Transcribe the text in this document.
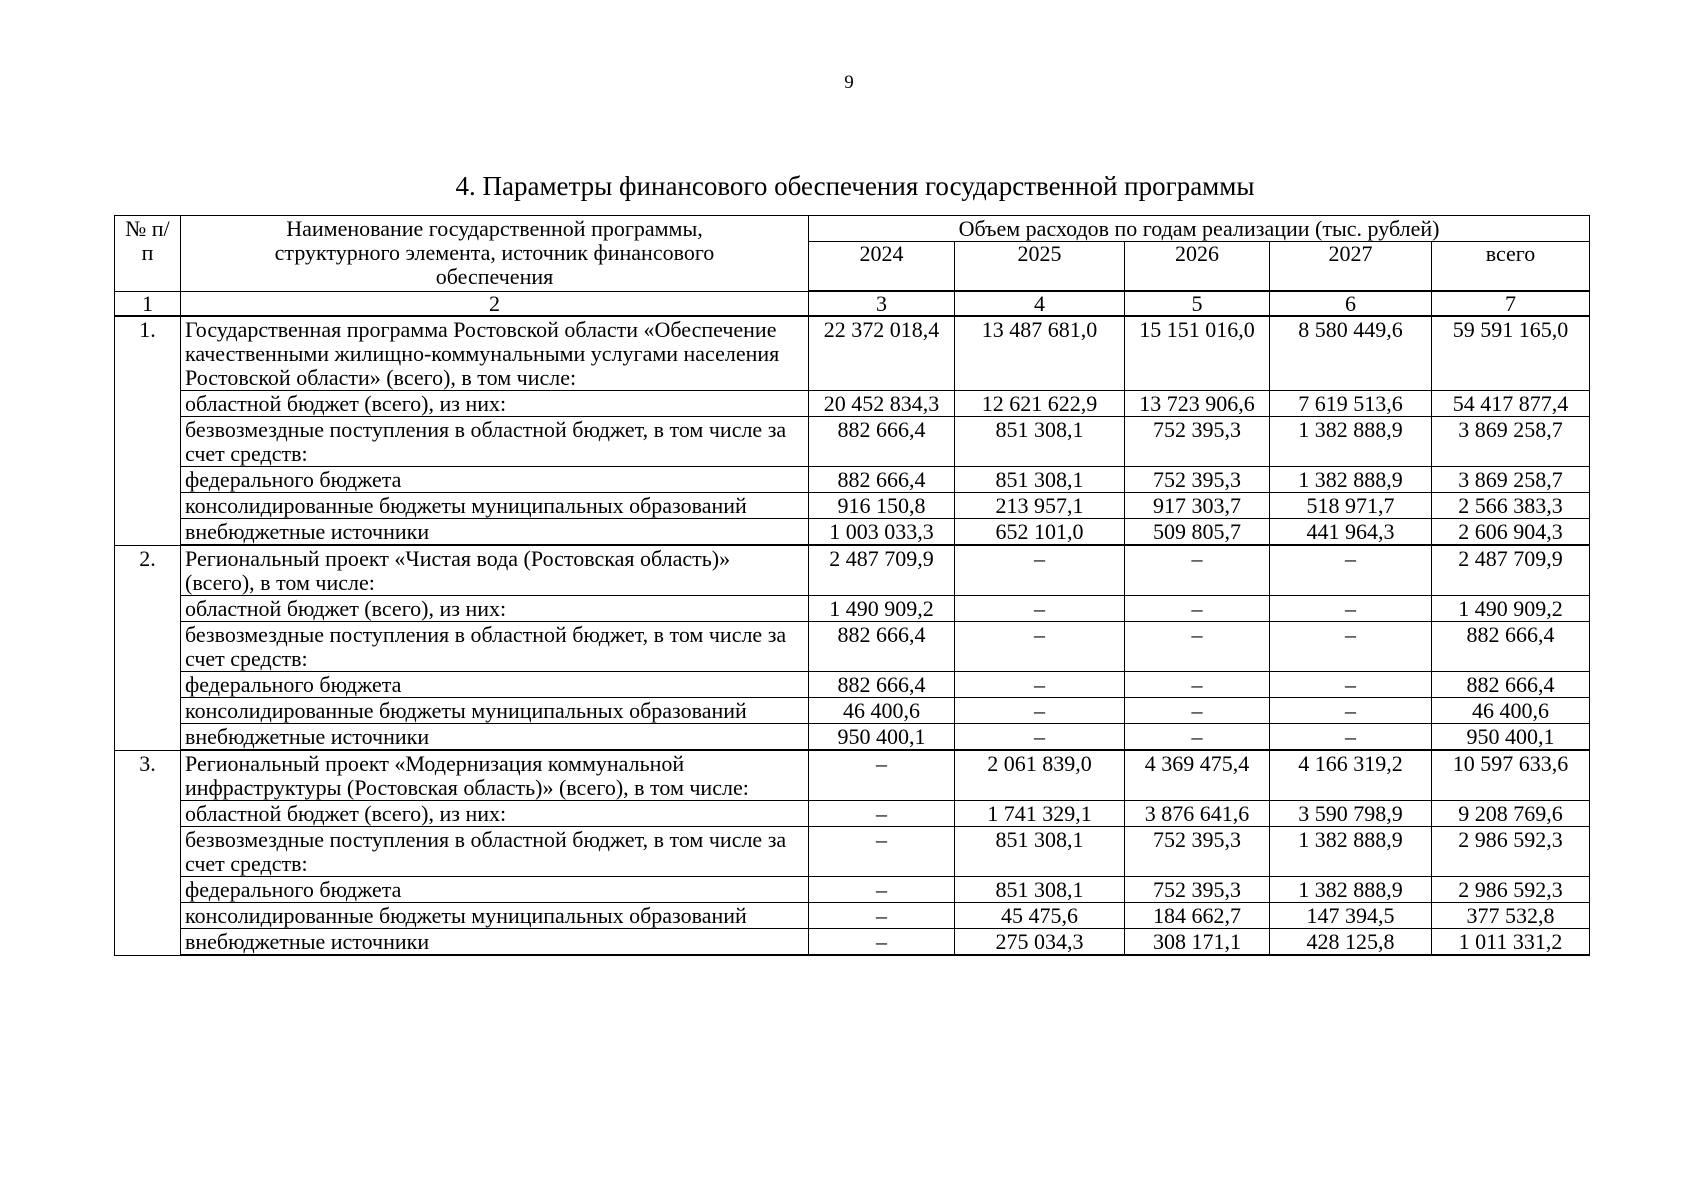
9
4. Параметры финансового обеспечения государственной программы
№ п/п	Наименование государственной программы, структурного элемента, источник финансового обеспечения	Объем расходов по годам реализации (тыс. рублей)				
		2024	2025	2026	2027	всего
1	2	3	4	5	6	7
1.	Государственная программа Ростовской области «Обеспечение качественными жилищно-коммунальными услугами населения Ростовской области» (всего), в том числе:	22 372 018,4	13 487 681,0	15 151 016,0	8 580 449,6	59 591 165,0
	областной бюджет (всего), из них:	20 452 834,3	12 621 622,9	13 723 906,6	7 619 513,6	54 417 877,4
	безвозмездные поступления в областной бюджет, в том числе за счет средств:	882 666,4	851 308,1	752 395,3	1 382 888,9	3 869 258,7
	федерального бюджета	882 666,4	851 308,1	752 395,3	1 382 888,9	3 869 258,7
	консолидированные бюджеты муниципальных образований	916 150,8	213 957,1	917 303,7	518 971,7	2 566 383,3
	внебюджетные источники	1 003 033,3	652 101,0	509 805,7	441 964,3	2 606 904,3
2.	Региональный проект «Чистая вода (Ростовская область)» (всего), в том числе:	2 487 709,9	–	–	–	2 487 709,9
	областной бюджет (всего), из них:	1 490 909,2	–	–	–	1 490 909,2
	безвозмездные поступления в областной бюджет, в том числе за счет средств:	882 666,4	–	–	–	882 666,4
	федерального бюджета	882 666,4	–	–	–	882 666,4
	консолидированные бюджеты муниципальных образований	46 400,6	–	–	–	46 400,6
	внебюджетные источники	950 400,1	–	–	–	950 400,1
3.	Региональный проект «Модернизация коммунальной инфраструктуры (Ростовская область)» (всего), в том числе:	–	2 061 839,0	4 369 475,4	4 166 319,2	10 597 633,6
	областной бюджет (всего), из них:	–	1 741 329,1	3 876 641,6	3 590 798,9	9 208 769,6
	безвозмездные поступления в областной бюджет, в том числе за счет средств:	–	851 308,1	752 395,3	1 382 888,9	2 986 592,3
	федерального бюджета	–	851 308,1	752 395,3	1 382 888,9	2 986 592,3
	консолидированные бюджеты муниципальных образований	–	45 475,6	184 662,7	147 394,5	377 532,8
	внебюджетные источники	–	275 034,3	308 171,1	428 125,8	1 011 331,2
